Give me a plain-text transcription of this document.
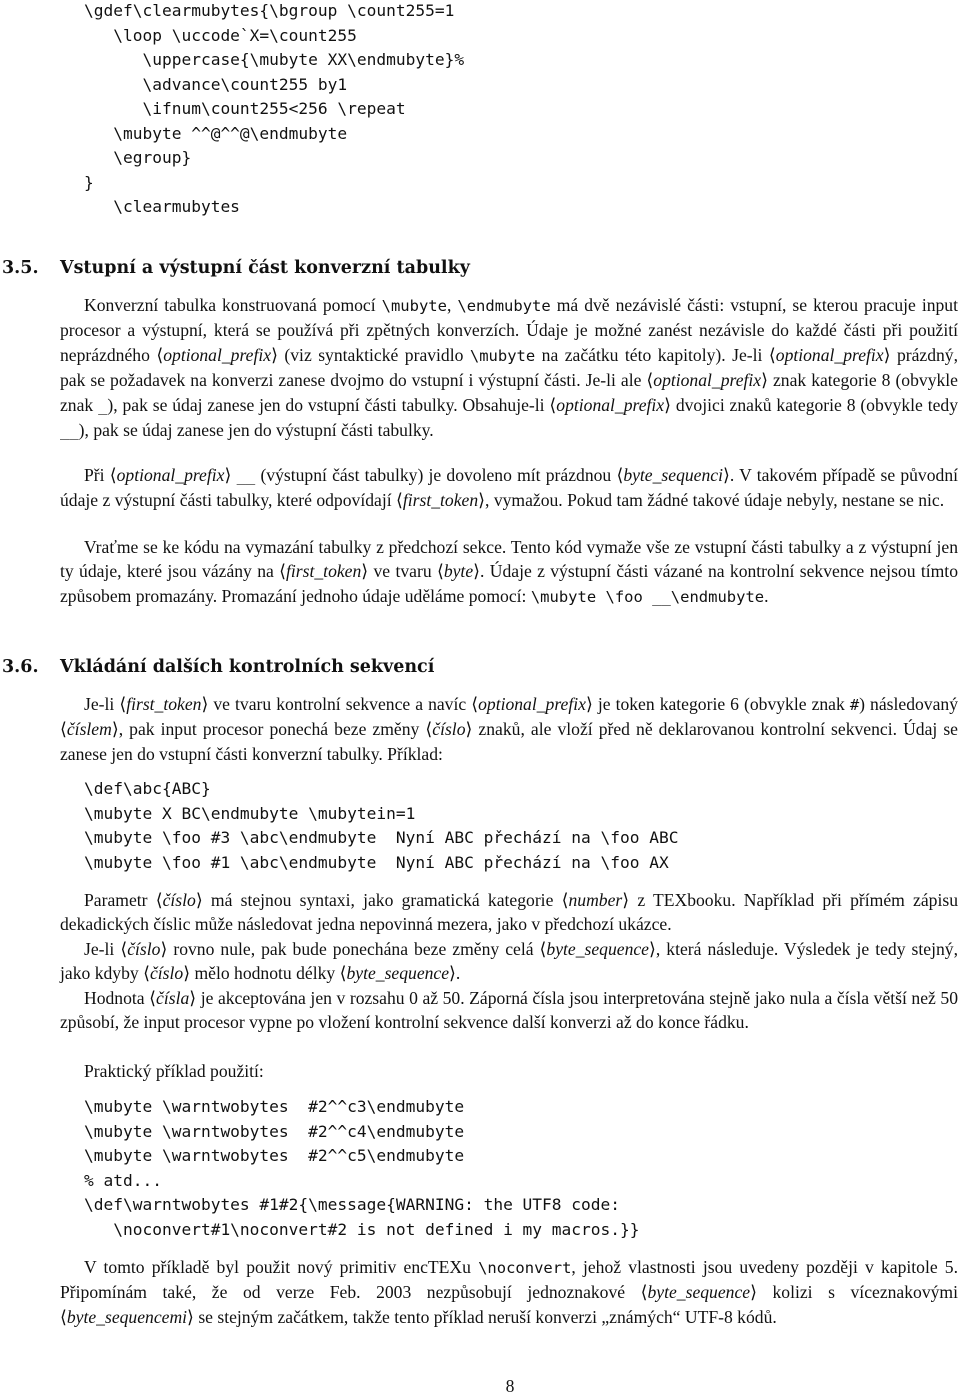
\gdef\clearmubytes{\bgroup \count255=1
\loop \uccode`X=\count255
\uppercase{\mubyte XX\endmubyte}%
\advance\count255 by1
\ifnum\count255<256 \repeat
\mubyte ^^@^^@\endmubyte
\egroup}
}
\clearmubytes
3.5. Vstupní a výstupní část konverzní tabulky

Konverzní tabulka konstruovaná pomocí \mubyte, \endmubyte má dvě nezávislé části: vstupní, se kterou pracuje input procesor a výstupní, která se používá při zpětných konverzích. Údaje je možné zanést nezávisle do každé části při použití neprázdného ⟨optional_prefix⟩ (viz syntaktické pravidlo \mubyte na začátku této kapitoly). Je-li ⟨optional_prefix⟩ prázdný, pak se požadavek na konverzi zanese dvojmo do vstupní i výstupní části. Je-li ale ⟨optional_prefix⟩ znak kategorie 8 (obvykle znak _), pak se údaj zanese jen do vstupní části tabulky. Obsahuje-li ⟨optional_prefix⟩ dvojici znaků kategorie 8 (obvykle tedy __), pak se údaj zanese jen do výstupní části tabulky.

Při ⟨optional_prefix⟩ __ (výstupní část tabulky) je dovoleno mít prázdnou ⟨byte_sequenci⟩. V takovém případě se původní údaje z výstupní části tabulky, které odpovídají ⟨first_token⟩, vymažou. Pokud tam žádné takové údaje nebyly, nestane se nic.

Vraťme se ke kódu na vymazání tabulky z předchozí sekce. Tento kód vymaže vše ze vstupní části tabulky a z výstupní jen ty údaje, které jsou vázány na ⟨first_token⟩ ve tvaru ⟨byte⟩. Údaje z výstupní části vázané na kontrolní sekvence nejsou tímto způsobem promazány. Promazání jednoho údaje uděláme pomocí: \mubyte \foo __\endmubyte.

3.6. Vkládání dalších kontrolních sekvencí

Je-li ⟨first_token⟩ ve tvaru kontrolní sekvence a navíc ⟨optional_prefix⟩ je token kategorie 6 (obvykle znak #) následovaný ⟨číslem⟩, pak input procesor ponechá beze změny ⟨číslo⟩ znaků, ale vloží před ně deklarovanou kontrolní sekvenci. Údaj se zanese jen do vstupní části konverzní tabulky. Příklad:

\def\abc{ABC}
\mubyte X BC\endmubyte \mubytein=1
\mubyte \foo #3 \abc\endmubyte  Nyní ABC přechází na \foo ABC
\mubyte \foo #1 \abc\endmubyte  Nyní ABC přechází na \foo AX

Parametr ⟨číslo⟩ má stejnou syntaxi, jako gramatická kategorie ⟨number⟩ z TEXbooku. Například při přímém zápisu dekadických číslic může následovat jedna nepovinná mezera, jako v předchozí ukázce.

Je-li ⟨číslo⟩ rovno nule, pak bude ponechána beze změny celá ⟨byte_sequence⟩, která následuje. Výsledek je tedy stejný, jako kdyby ⟨číslo⟩ mělo hodnotu délky ⟨byte_sequence⟩.

Hodnota ⟨čísla⟩ je akceptována jen v rozsahu 0 až 50. Záporná čísla jsou interpretována stejně jako nula a čísla větší než 50 způsobí, že input procesor vypne po vložení kontrolní sekvence další konverzi až do konce řádku.

Praktický příklad použití:

\mubyte \warntwobytes  #2^^c3\endmubyte
\mubyte \warntwobytes  #2^^c4\endmubyte
\mubyte \warntwobytes  #2^^c5\endmubyte
% atd...
\def\warntwobytes #1#2{\message{WARNING: the UTF8 code:
\noconvert#1\noconvert#2 is not defined i my macros.}}

V tomto příkladě byl použit nový primitiv encTEXu \noconvert, jehož vlastnosti jsou uvedeny později v kapitole 5. Připomínám také, že od verze Feb. 2003 nezpůsobují jednoznakové ⟨byte_sequence⟩ kolizi s víceznakovými ⟨byte_sequencemi⟩ se stejným začátkem, takže tento příklad neruší konverzi „známých“ UTF-8 kódů.

8
